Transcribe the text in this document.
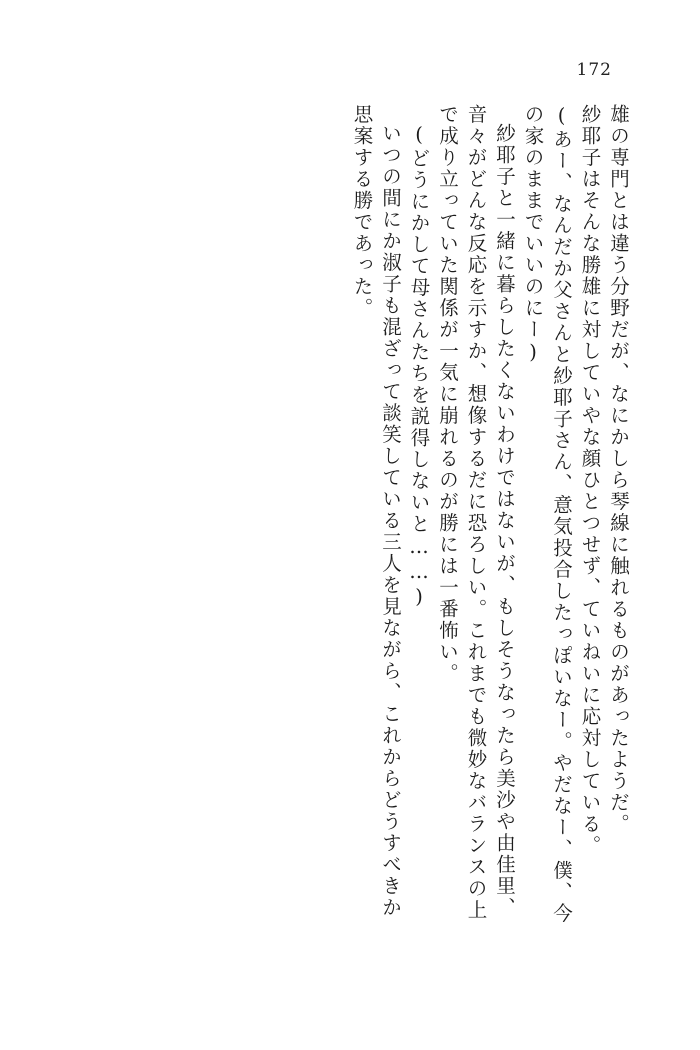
172
雄の専門とは違う分野だが、なにかしら琴線に触れるものがあったようだ。
紗耶子はそんな勝雄に対していやな顔ひとつせず、ていねいに応対している。
(あー、なんだか父さんと紗耶子さん、意気投合したっぽいなー。やだなー、僕、今
の家のままでいいのにー)
紗耶子と一緒に暮らしたくないわけではないが、もしそうなったら美沙や由佳里、
音々がどんな反応を示すか、想像するだに恐ろしい。これまでも微妙なバランスの上
で成り立っていた関係が一気に崩れるのが勝には一番怖い。
(どうにかして母さんたちを説得しないと……)
いつの間にか淑子も混ざって談笑している三人を見ながら、これからどうすべきか
思案する勝であった。
